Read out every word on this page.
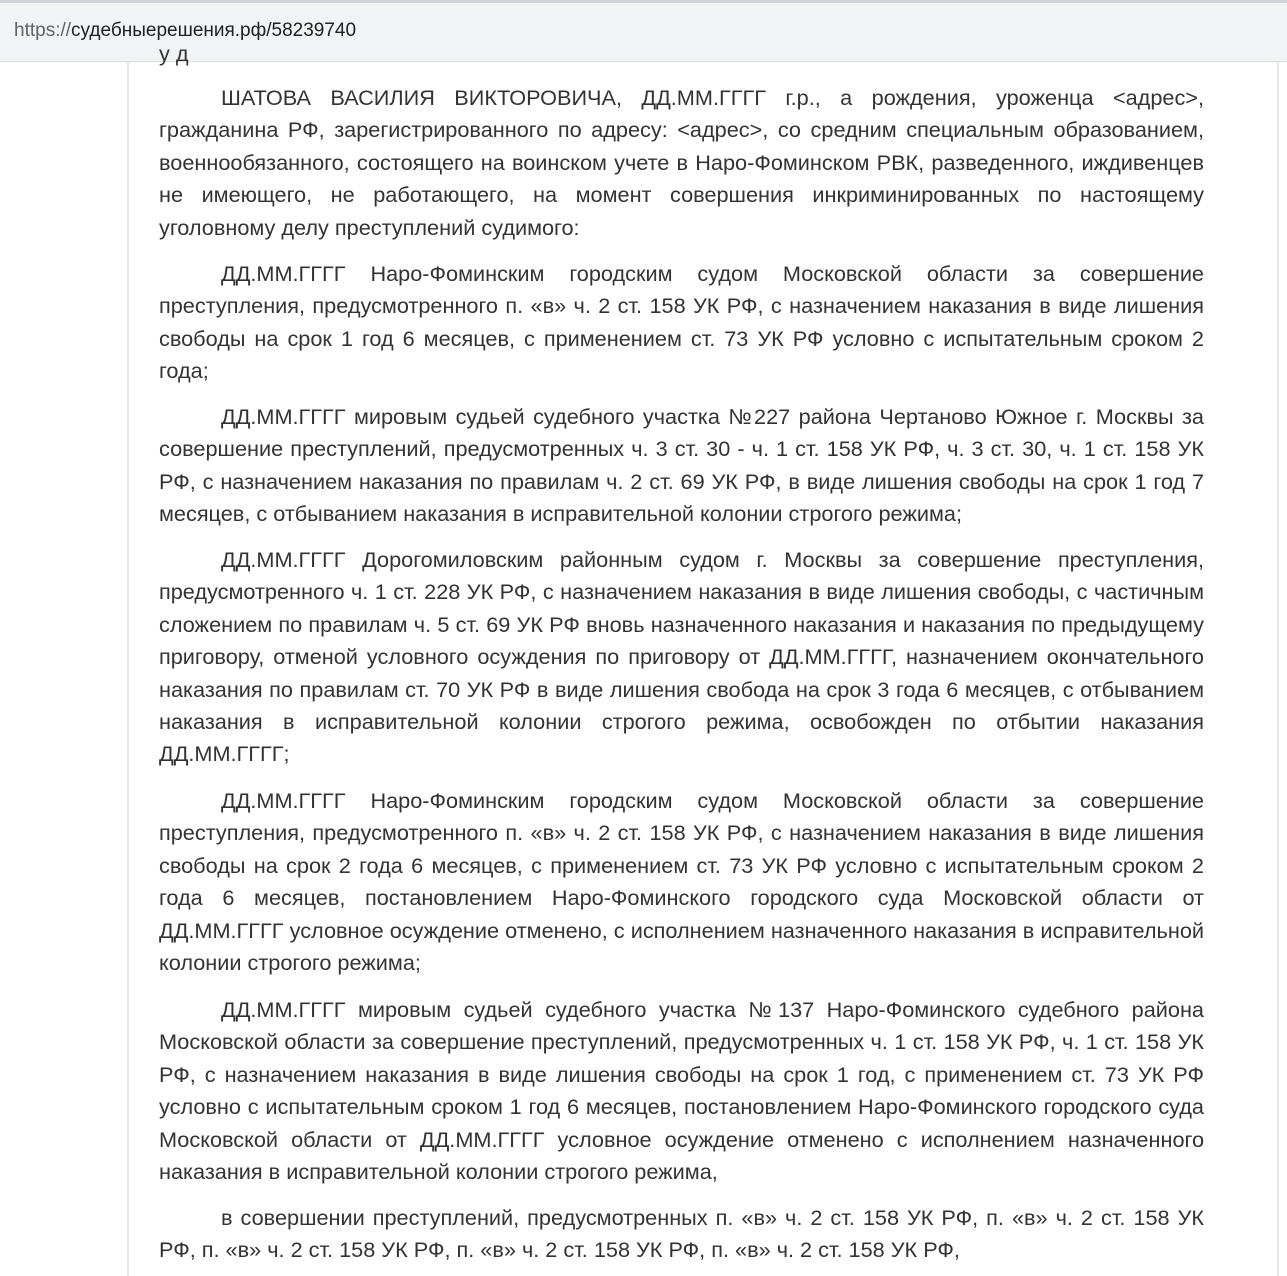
https://судебныерешения.рф/58239740
у д

ШАТОВА ВАСИЛИЯ ВИКТОРОВИЧА, ДД.ММ.ГГГГ г.р., а рождения, уроженца <адрес>, гражданина РФ, зарегистрированного по адресу: <адрес>, со средним специальным образованием, военнообязанного, состоящего на воинском учете в Наро-Фоминском РВК, разведенного, иждивенцев не имеющего, не работающего, на момент совершения инкриминированных по настоящему уголовному делу преступлений судимого:

ДД.ММ.ГГГГ Наро-Фоминским городским судом Московской области за совершение преступления, предусмотренного п. «в» ч. 2 ст. 158 УК РФ, с назначением наказания в виде лишения свободы на срок 1 год 6 месяцев, с применением ст. 73 УК РФ условно с испытательным сроком 2 года;

ДД.ММ.ГГГГ мировым судьей судебного участка №227 района Чертаново Южное г. Москвы за совершение преступлений, предусмотренных ч. 3 ст. 30 - ч. 1 ст. 158 УК РФ, ч. 3 ст. 30, ч. 1 ст. 158 УК РФ, с назначением наказания по правилам ч. 2 ст. 69 УК РФ, в виде лишения свободы на срок 1 год 7 месяцев, с отбыванием наказания в исправительной колонии строгого режима;

ДД.ММ.ГГГГ Дорогомиловским районным судом г. Москвы за совершение преступления, предусмотренного ч. 1 ст. 228 УК РФ, с назначением наказания в виде лишения свободы, с частичным сложением по правилам ч. 5 ст. 69 УК РФ вновь назначенного наказания и наказания по предыдущему приговору, отменой условного осуждения по приговору от ДД.ММ.ГГГГ, назначением окончательного наказания по правилам ст. 70 УК РФ в виде лишения свобода на срок 3 года 6 месяцев, с отбыванием наказания в исправительной колонии строгого режима, освобожден по отбытии наказания ДД.ММ.ГГГГ;

ДД.ММ.ГГГГ Наро-Фоминским городским судом Московской области за совершение преступления, предусмотренного п. «в» ч. 2 ст. 158 УК РФ, с назначением наказания в виде лишения свободы на срок 2 года 6 месяцев, с применением ст. 73 УК РФ условно с испытательным сроком 2 года 6 месяцев, постановлением Наро-Фоминского городского суда Московской области от ДД.ММ.ГГГГ условное осуждение отменено, с исполнением назначенного наказания в исправительной колонии строгого режима;

ДД.ММ.ГГГГ мировым судьей судебного участка №137 Наро-Фоминского судебного района Московской области за совершение преступлений, предусмотренных ч. 1 ст. 158 УК РФ, ч. 1 ст. 158 УК РФ, с назначением наказания в виде лишения свободы на срок 1 год, с применением ст. 73 УК РФ условно с испытательным сроком 1 год 6 месяцев, постановлением Наро-Фоминского городского суда Московской области от ДД.ММ.ГГГГ условное осуждение отменено с исполнением назначенного наказания в исправительной колонии строгого режима,

в совершении преступлений, предусмотренных п. «в» ч. 2 ст. 158 УК РФ, п. «в» ч. 2 ст. 158 УК РФ, п. «в» ч. 2 ст. 158 УК РФ, п. «в» ч. 2 ст. 158 УК РФ, п. «в» ч. 2 ст. 158 УК РФ,
